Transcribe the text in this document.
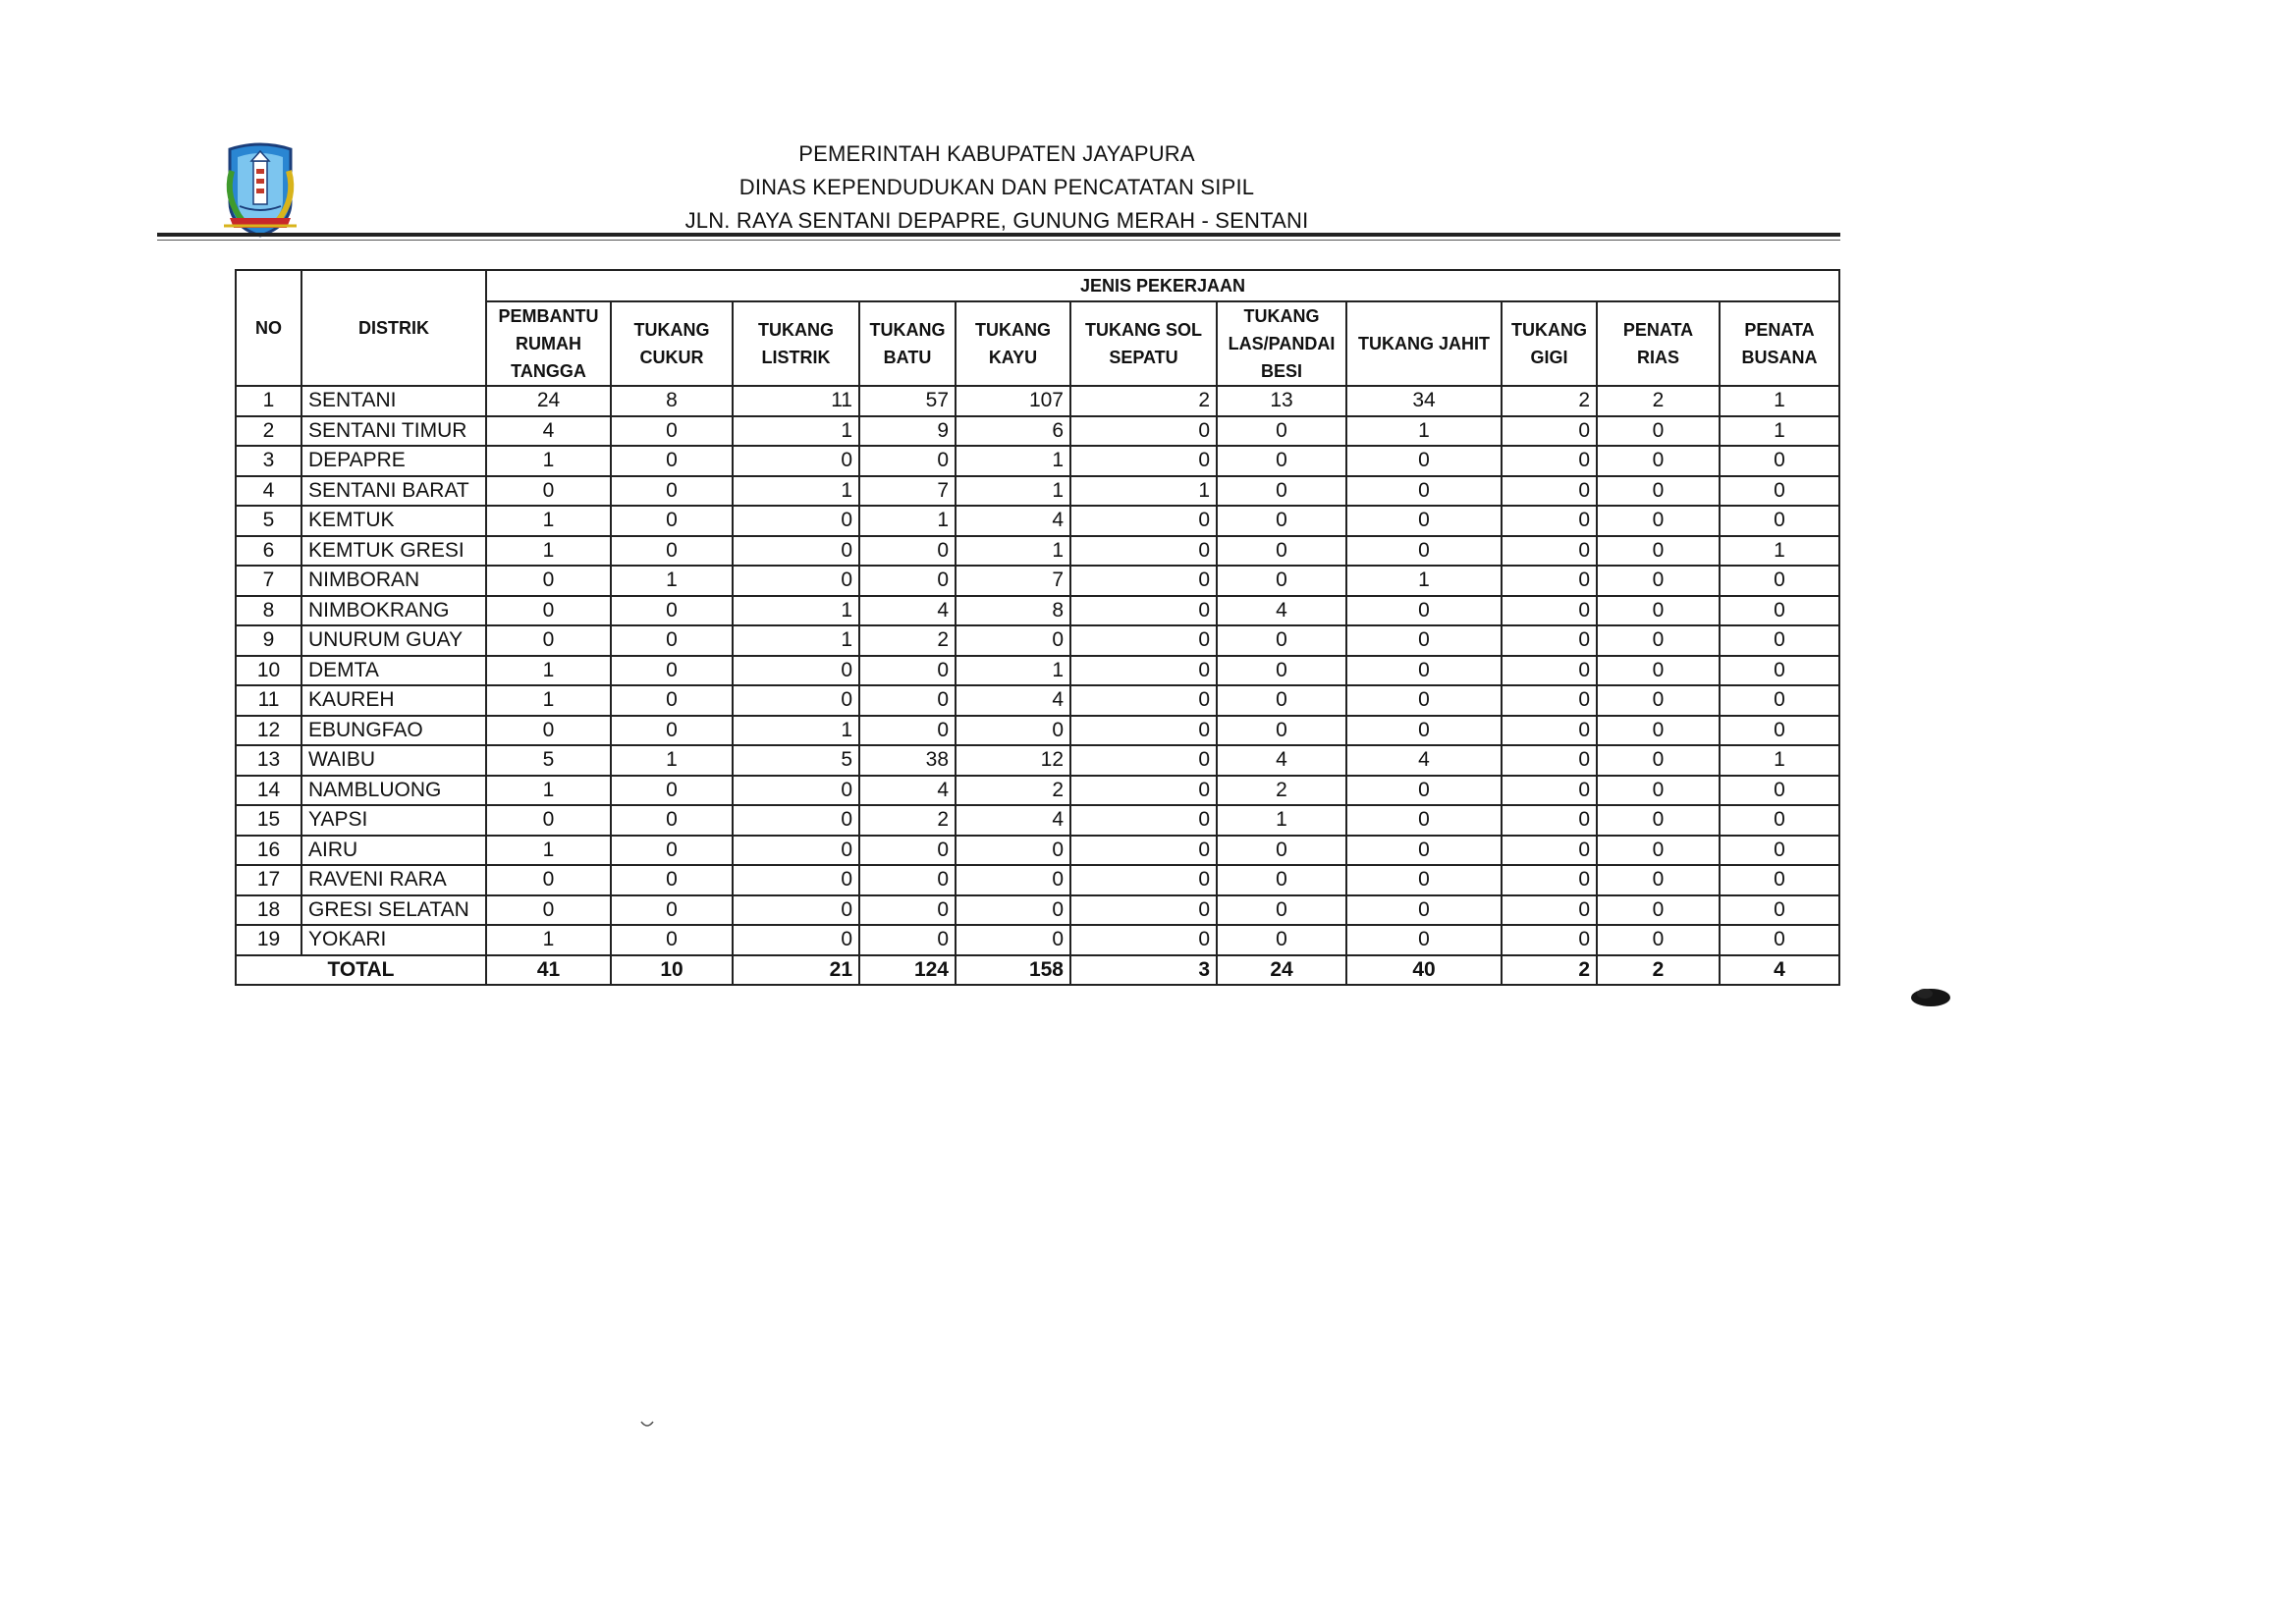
PEMERINTAH KABUPATEN JAYAPURA
DINAS KEPENDUDUKAN DAN PENCATATAN SIPIL
JLN. RAYA SENTANI DEPAPRE, GUNUNG MERAH - SENTANI
NO	DISTRIK	JENIS PEKERJAAN										
		PEMBANTU RUMAH TANGGA	TUKANG CUKUR	TUKANG LISTRIK	TUKANG BATU	TUKANG KAYU	TUKANG SOL SEPATU	TUKANG LAS/PANDAI BESI	TUKANG JAHIT	TUKANG GIGI	PENATA RIAS	PENATA BUSANA
1	SENTANI	24	8	11	57	107	2	13	34	2	2	1
2	SENTANI TIMUR	4	0	1	9	6	0	0	1	0	0	1
3	DEPAPRE	1	0	0	0	1	0	0	0	0	0	0
4	SENTANI BARAT	0	0	1	7	1	1	0	0	0	0	0
5	KEMTUK	1	0	0	1	4	0	0	0	0	0	0
6	KEMTUK GRESI	1	0	0	0	1	0	0	0	0	0	1
7	NIMBORAN	0	1	0	0	7	0	0	1	0	0	0
8	NIMBOKRANG	0	0	1	4	8	0	4	0	0	0	0
9	UNURUM GUAY	0	0	1	2	0	0	0	0	0	0	0
10	DEMTA	1	0	0	0	1	0	0	0	0	0	0
11	KAUREH	1	0	0	0	4	0	0	0	0	0	0
12	EBUNGFAO	0	0	1	0	0	0	0	0	0	0	0
13	WAIBU	5	1	5	38	12	0	4	4	0	0	1
14	NAMBLUONG	1	0	0	4	2	0	2	0	0	0	0
15	YAPSI	0	0	0	2	4	0	1	0	0	0	0
16	AIRU	1	0	0	0	0	0	0	0	0	0	0
17	RAVENI RARA	0	0	0	0	0	0	0	0	0	0	0
18	GRESI SELATAN	0	0	0	0	0	0	0	0	0	0	0
19	YOKARI	1	0	0	0	0	0	0	0	0	0	0
TOTAL		41	10	21	124	158	3	24	40	2	2	4
